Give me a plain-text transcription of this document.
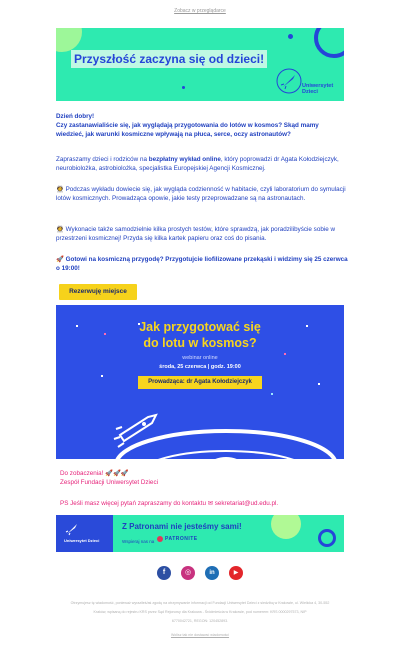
Zobacz w przeglądarce
Przyszłość zaczyna się od dzieci!
Uniwersytet Dzieci
Dzień dobry!
Czy zastanawialiście się, jak wyglądają przygotowania do lotów w kosmos? Skąd mamy wiedzieć, jak warunki kosmiczne wpływają na płuca, serce, oczy astronautów?
Zapraszamy dzieci i rodziców na bezpłatny wykład online, który poprowadzi dr Agata Kołodziejczyk, neurobiolożka, astrobiolożka, specjalistka Europejskiej Agencji Kosmicznej.
👩‍🚀 Podczas wykładu dowiecie się, jak wygląda codzienność w habitacie, czyli laboratorium do symulacji lotów kosmicznych. Prowadząca opowie, jakie testy przeprowadzane są na astronautach.
👩‍🚀 Wykonacie także samodzielnie kilka prostych testów, które sprawdzą, jak poradzilibyście sobie w przestrzeni kosmicznej! Przyda się kilka kartek papieru oraz coś do pisania.
🚀 Gotowi na kosmiczną przygodę? Przygotujcie liofilizowane przekąski i widzimy się 25 czerwca o 19:00!
Rezerwuję miejsce
Jak przygotować się
do lotu w kosmos?
webinar online
środa, 25 czerwca | godz. 19:00
Prowadząca: dr Agata Kołodziejczyk
Do zobaczenia! 🚀🚀🚀
Zespół Fundacji Uniwersytet Dzieci
PS Jeśli masz więcej pytań zapraszamy do kontaktu ✉ sekretariat@ud.edu.pl.
Uniwersytet Dzieci
Z Patronami nie jesteśmy sami!
Wspieraj nas na PATRONITE
f	◎	in	▶
Otrzymujesz tę wiadomość, ponieważ wyraziłeś/aś zgodę na otrzymywanie informacji od Fundacji Uniwersytet Dzieci z siedzibą w Krakowie, ul. Wielicka 4, 30-552
Kraków, wpisaną do rejestru KRS przez Sąd Rejonowy dla Krakowa - Śródmieścia w Krakowie, pod numerem: KRS 0000297573, NIP
6770042721, REGON: 120452893.
Wolisz tak nie dostawać wiadomości
